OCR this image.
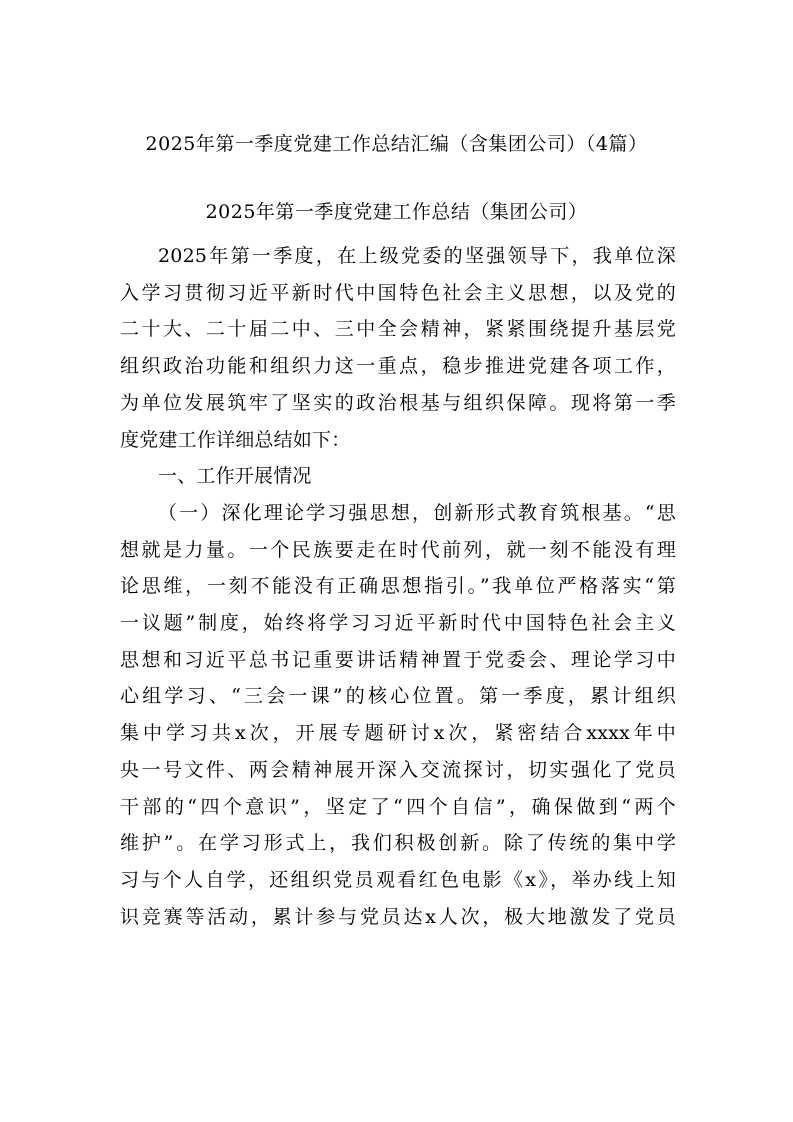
2025年第一季度党建工作总结汇编（含集团公司）（4篇）
2025年第一季度党建工作总结（集团公司）
2025年第一季度，在上级党委的坚强领导下，我单位深
入学习贯彻习近平新时代中国特色社会主义思想，以及党的
二十大、二十届二中、三中全会精神，紧紧围绕提升基层党
组织政治功能和组织力这一重点，稳步推进党建各项工作，
为单位发展筑牢了坚实的政治根基与组织保障。现将第一季
度党建工作详细总结如下：
一、工作开展情况
（一）深化理论学习强思想，创新形式教育筑根基。“思
想就是力量。一个民族要走在时代前列，就一刻不能没有理
论思维，一刻不能没有正确思想指引。”我单位严格落实“第
一议题”制度，始终将学习习近平新时代中国特色社会主义
思想和习近平总书记重要讲话精神置于党委会、理论学习中
心组学习、“三会一课”的核心位置。第一季度，累计组织
集中学习共x次，开展专题研讨x次，紧密结合xxxx年中
央一号文件、两会精神展开深入交流探讨，切实强化了党员
干部的“四个意识”，坚定了“四个自信”，确保做到“两个
维护”。在学习形式上，我们积极创新。除了传统的集中学
习与个人自学，还组织党员观看红色电影《x》，举办线上知
识竞赛等活动，累计参与党员达x人次，极大地激发了党员
